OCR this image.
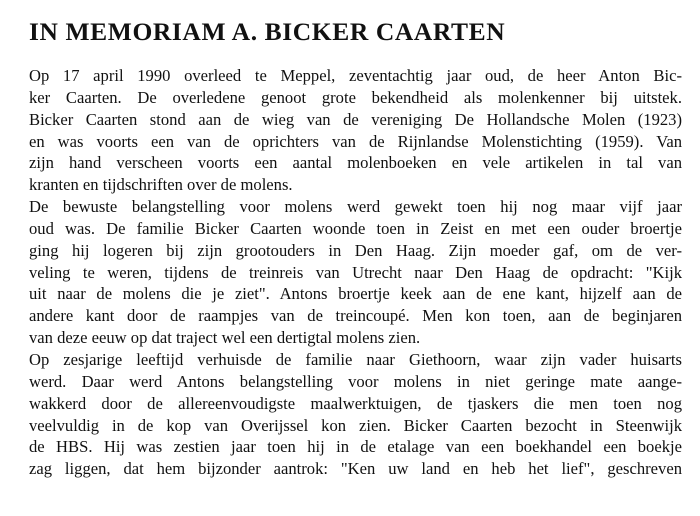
IN MEMORIAM A. BICKER CAARTEN
Op 17 april 1990 overleed te Meppel, zeventachtig jaar oud, de heer Anton Bic-
ker Caarten. De overledene genoot grote bekendheid als molenkenner bij uitstek.
Bicker Caarten stond aan de wieg van de vereniging De Hollandsche Molen (1923)
en was voorts een van de oprichters van de Rijnlandse Molenstichting (1959). Van
zijn hand verscheen voorts een aantal molenboeken en vele artikelen in tal van
kranten en tijdschriften over de molens.
De bewuste belangstelling voor molens werd gewekt toen hij nog maar vijf jaar
oud was. De familie Bicker Caarten woonde toen in Zeist en met een ouder broertje
ging hij logeren bij zijn grootouders in Den Haag. Zijn moeder gaf, om de ver-
veling te weren, tijdens de treinreis van Utrecht naar Den Haag de opdracht: "Kijk
uit naar de molens die je ziet". Antons broertje keek aan de ene kant, hijzelf aan de
andere kant door de raampjes van de treincoupé. Men kon toen, aan de beginjaren
van deze eeuw op dat traject wel een dertigtal molens zien.
Op zesjarige leeftijd verhuisde de familie naar Giethoorn, waar zijn vader huisarts
werd. Daar werd Antons belangstelling voor molens in niet geringe mate aange-
wakkerd door de allereenvoudigste maalwerktuigen, de tjaskers die men toen nog
veelvuldig in de kop van Overijssel kon zien. Bicker Caarten bezocht in Steenwijk
de HBS. Hij was zestien jaar toen hij in de etalage van een boekhandel een boekje
zag liggen, dat hem bijzonder aantrok: "Ken uw land en heb het lief", geschreven
